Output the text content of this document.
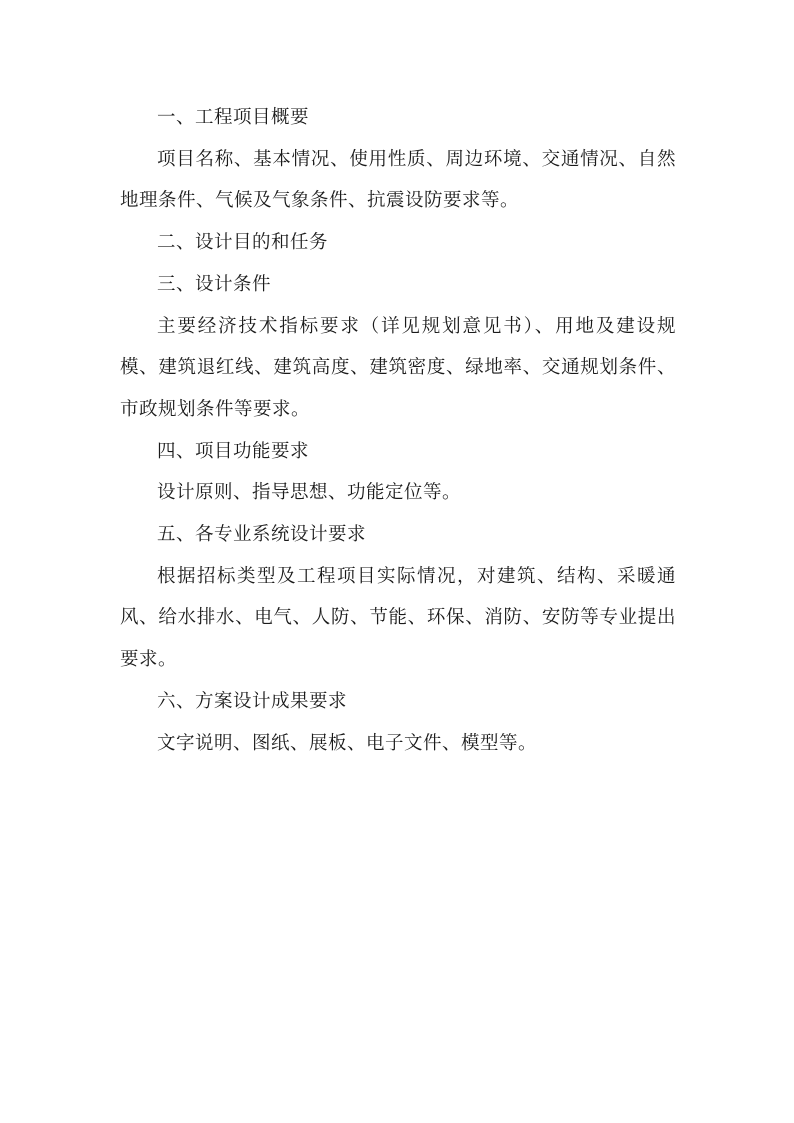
一、工程项目概要

项目名称、基本情况、使用性质、周边环境、交通情况、自然地理条件、气候及气象条件、抗震设防要求等。

二、设计目的和任务

三、设计条件

主要经济技术指标要求（详见规划意见书）、用地及建设规模、建筑退红线、建筑高度、建筑密度、绿地率、交通规划条件、市政规划条件等要求。

四、项目功能要求

设计原则、指导思想、功能定位等。

五、各专业系统设计要求

根据招标类型及工程项目实际情况，对建筑、结构、采暖通风、给水排水、电气、人防、节能、环保、消防、安防等专业提出要求。

六、方案设计成果要求

文字说明、图纸、展板、电子文件、模型等。
